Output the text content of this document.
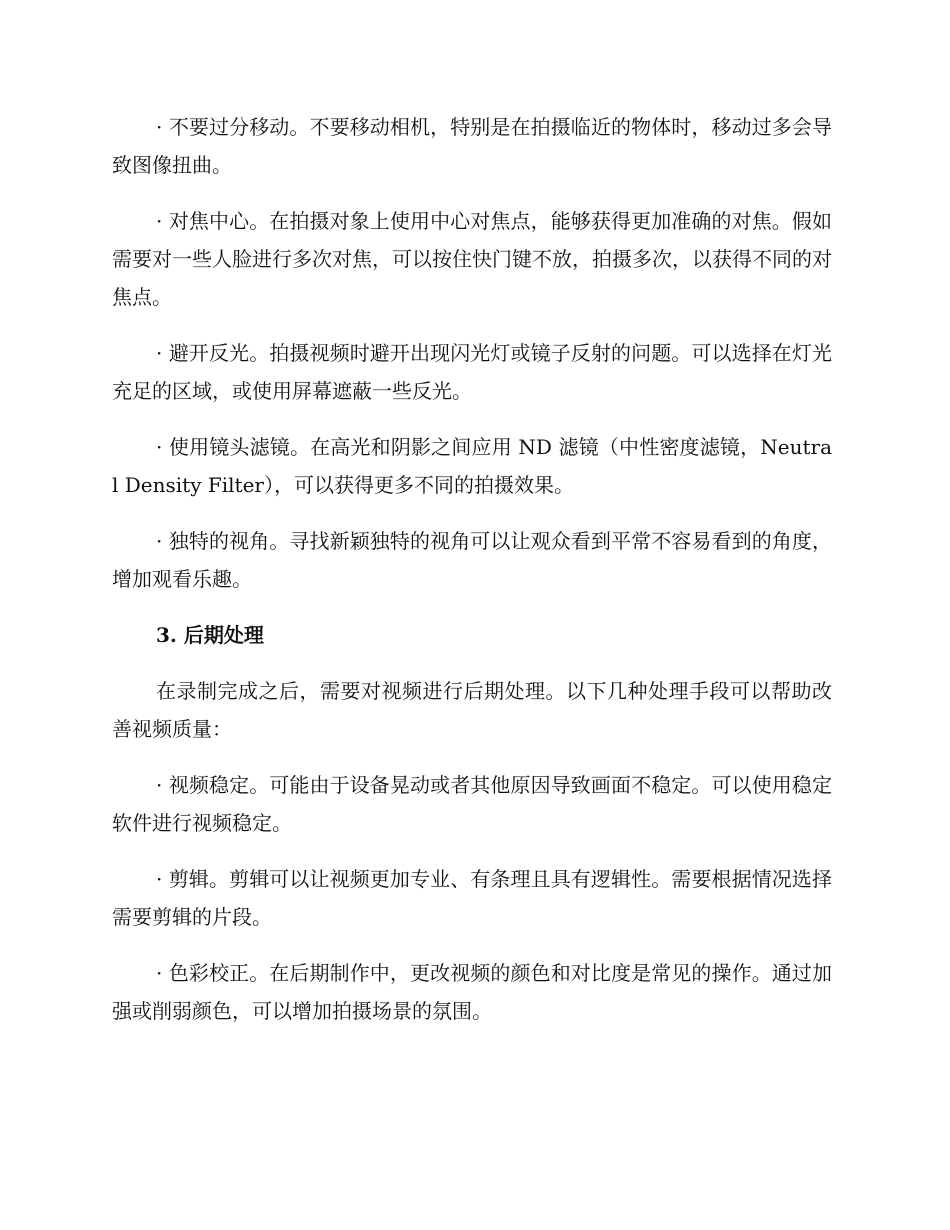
· 不要过分移动。不要移动相机，特别是在拍摄临近的物体时，移动过多会导致图像扭曲。

· 对焦中心。在拍摄对象上使用中心对焦点，能够获得更加准确的对焦。假如需要对一些人脸进行多次对焦，可以按住快门键不放，拍摄多次，以获得不同的对焦点。

· 避开反光。拍摄视频时避开出现闪光灯或镜子反射的问题。可以选择在灯光充足的区域，或使用屏幕遮蔽一些反光。

· 使用镜头滤镜。在高光和阴影之间应用 ND 滤镜（中性密度滤镜，Neutral Density Filter），可以获得更多不同的拍摄效果。

· 独特的视角。寻找新颖独特的视角可以让观众看到平常不容易看到的角度，增加观看乐趣。

3. 后期处理

在录制完成之后，需要对视频进行后期处理。以下几种处理手段可以帮助改善视频质量：

· 视频稳定。可能由于设备晃动或者其他原因导致画面不稳定。可以使用稳定软件进行视频稳定。

· 剪辑。剪辑可以让视频更加专业、有条理且具有逻辑性。需要根据情况选择需要剪辑的片段。

· 色彩校正。在后期制作中，更改视频的颜色和对比度是常见的操作。通过加强或削弱颜色，可以增加拍摄场景的氛围。
